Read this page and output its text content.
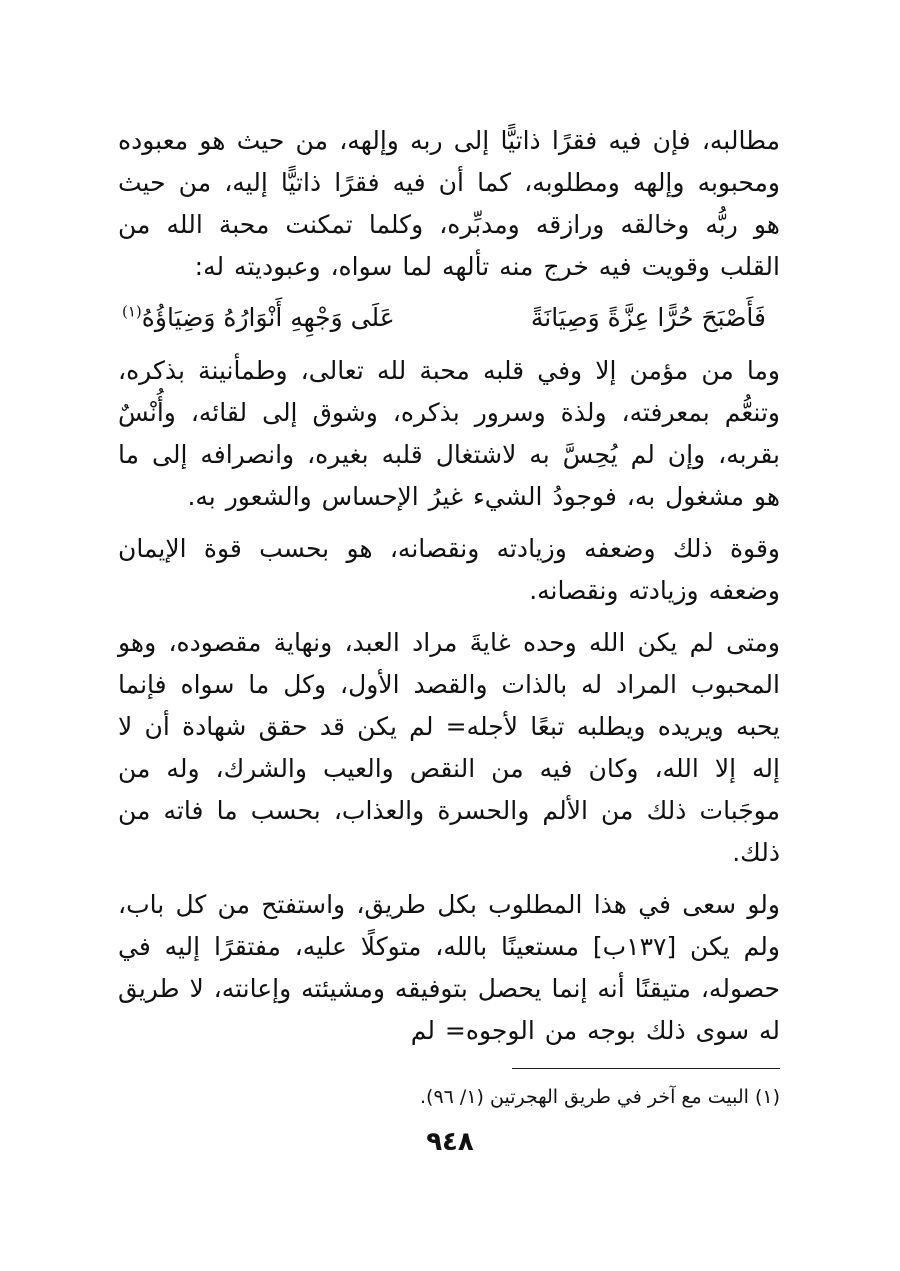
مطالبه، فإن فيه فقرًا ذاتيًّا إلى ربه وإلهه، من حيث هو معبوده ومحبوبه وإلهه ومطلوبه، كما أن فيه فقرًا ذاتيًّا إليه، من حيث هو ربُّه وخالقه ورازقه ومدبِّره، وكلما تمكنت محبة الله من القلب وقويت فيه خرج منه تألهه لما سواه، وعبوديته له:

فَأَصْبَحَ حُرًّا عِزَّةً وَصِيَانَةً
عَلَى وَجْهِهِ أَنْوَارُهُ وَضِيَاؤُهُ$^{(١)}$

وما من مؤمن إلا وفي قلبه محبة لله تعالى، وطمأنينة بذكره، وتنعُّم بمعرفته، ولذة وسرور بذكره، وشوق إلى لقائه، وأُنْسٌ بقربه، وإن لم يُحِسَّ به لاشتغال قلبه بغيره، وانصرافه إلى ما هو مشغول به، فوجودُ الشيء غيرُ الإحساس والشعور به.

وقوة ذلك وضعفه وزيادته ونقصانه، هو بحسب قوة الإيمان وضعفه وزيادته ونقصانه.

ومتى لم يكن الله وحده غايةَ مراد العبد، ونهاية مقصوده، وهو المحبوب المراد له بالذات والقصد الأول، وكل ما سواه فإنما يحبه ويريده ويطلبه تبعًا لأجله= لم يكن قد حقق شهادة أن لا إله إلا الله، وكان فيه من النقص والعيب والشرك، وله من موجَبات ذلك من الألم والحسرة والعذاب، بحسب ما فاته من ذلك.

ولو سعى في هذا المطلوب بكل طريق، واستفتح من كل باب، ولم يكن [١٣٧ب] مستعينًا بالله، متوكلًا عليه، مفتقرًا إليه في حصوله، متيقنًا أنه إنما يحصل بتوفيقه ومشيئته وإعانته، لا طريق له سوى ذلك بوجه من الوجوه= لم

(١) البيت مع آخر في طريق الهجرتين (١/ ٩٦).

٩٤٨
